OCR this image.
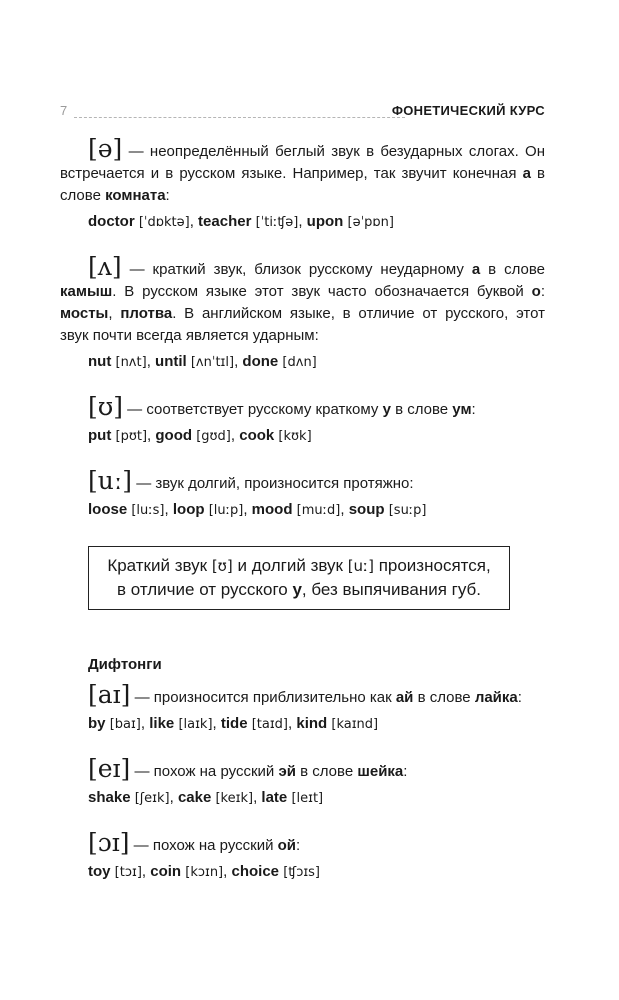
7	ФОНЕТИЧЕСКИЙ КУРС

[ə] — неопределённый беглый звук в безударных слогах. Он встречается и в русском языке. Например, так звучит конечная а в слове комната:

doctor [ˈdɒktə], teacher [ˈtiːʧə], upon [əˈpɒn]

[ʌ] — краткий звук, близок русскому неударному а в слове камыш. В русском языке этот звук часто обозначается буквой о: мосты, плотва. В английском языке, в отличие от русского, этот звук почти всегда является ударным:

nut [nʌt], until [ʌnˈtɪl], done [dʌn]

[ʊ] — соответствует русскому краткому у в слове ум:

put [pʊt], good [gʊd], cook [kʊk]

[uː] — звук долгий, произносится протяжно:

loose [luːs], loop [luːp], mood [muːd], soup [suːp]

Краткий звук [ʊ] и долгий звук [uː] произносятся,
в отличие от русского у, без выпячивания губ.
Дифтонги

[aɪ] — произносится приблизительно как ай в слове лайка:

by [baɪ], like [laɪk], tide [taɪd], kind [kaɪnd]

[eɪ] — похож на русский эй в слове шейка:

shake [ʃeɪk], cake [keɪk], late [leɪt]

[ɔɪ] — похож на русский ой:

toy [tɔɪ], coin [kɔɪn], choice [ʧɔɪs]
